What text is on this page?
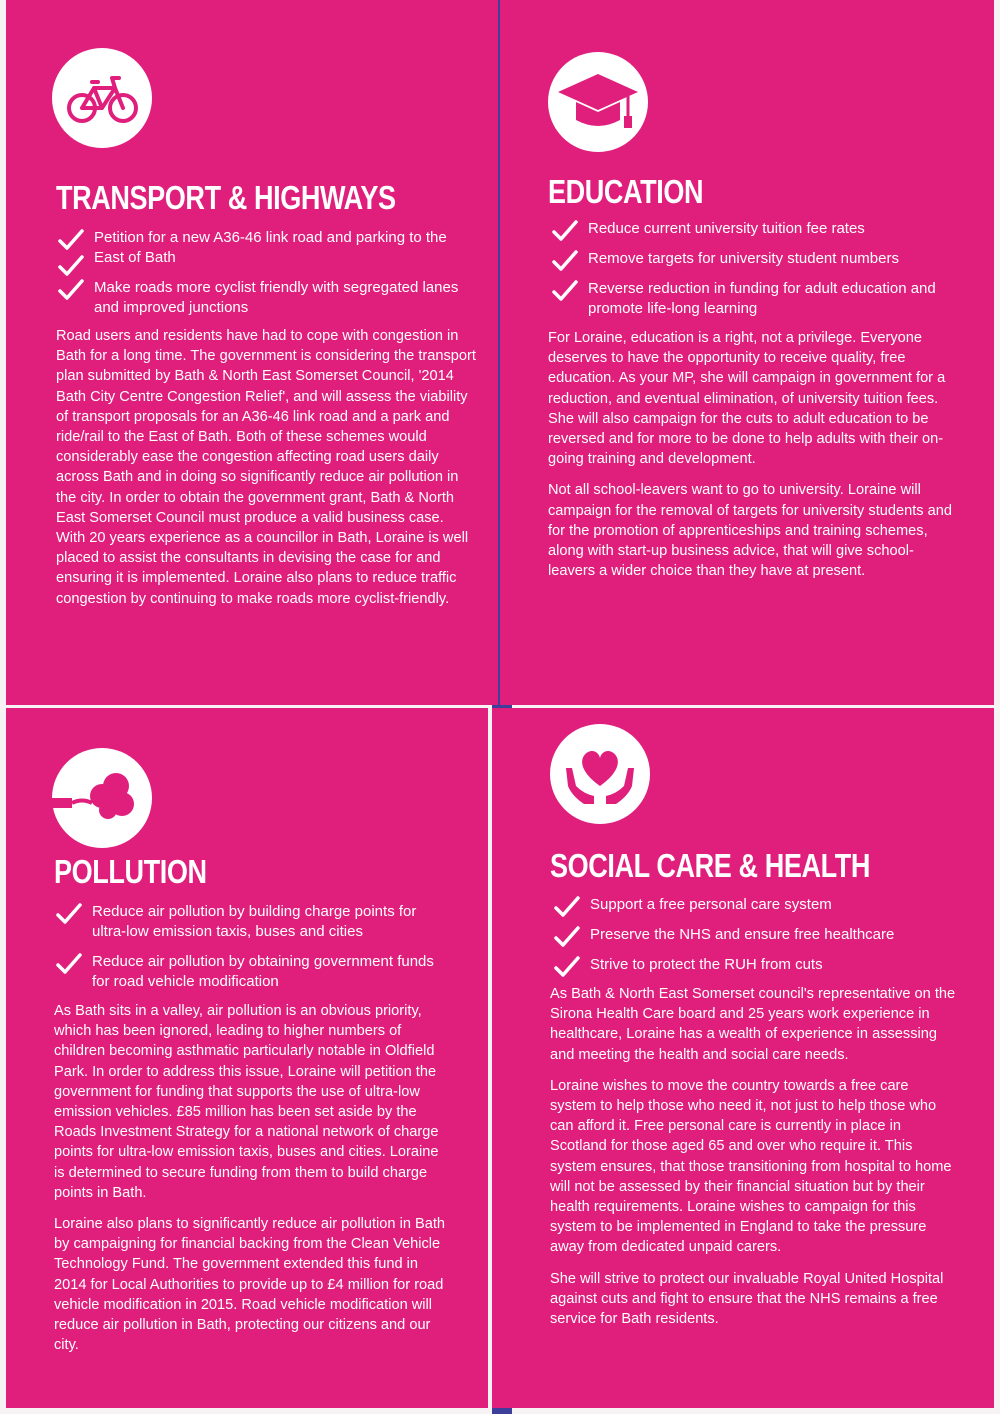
TRANSPORT & HIGHWAYS
Petition for a new A36-46 link road and parking to the East of Bath
Make roads more cyclist friendly with segregated lanes and improved junctions

Road users and residents have had to cope with congestion in Bath for a long time. The government is considering the transport plan submitted by Bath & North East Somerset Council, '2014 Bath City Centre Congestion Relief', and will assess the viability of transport proposals for an A36-46 link road and a park and ride/rail to the East of Bath. Both of these schemes would considerably ease the congestion affecting road users daily across Bath and in doing so significantly reduce air pollution in the city. In order to obtain the government grant, Bath & North East Somerset Council must produce a valid business case. With 20 years experience as a councillor in Bath, Loraine is well placed to assist the consultants in devising the case for and ensuring it is implemented. Loraine also plans to reduce traffic congestion by continuing to make roads more cyclist-friendly.

EDUCATION
Reduce current university tuition fee rates
Remove targets for university student numbers
Reverse reduction in funding for adult education and promote life-long learning

For Loraine, education is a right, not a privilege. Everyone deserves to have the opportunity to receive quality, free education. As your MP, she will campaign in government for a reduction, and eventual elimination, of university tuition fees. She will also campaign for the cuts to adult education to be reversed and for more to be done to help adults with their on-going training and development.

Not all school-leavers want to go to university. Loraine will campaign for the removal of targets for university students and for the promotion of apprenticeships and training schemes, along with start-up business advice, that will give school-leavers a wider choice than they have at present.

POLLUTION
Reduce air pollution by building charge points for ultra-low emission taxis, buses and cities
Reduce air pollution by obtaining government funds for road vehicle modification

As Bath sits in a valley, air pollution is an obvious priority, which has been ignored, leading to higher numbers of children becoming asthmatic particularly notable in Oldfield Park. In order to address this issue, Loraine will petition the government for funding that supports the use of ultra-low emission vehicles. £85 million has been set aside by the Roads Investment Strategy for a national network of charge points for ultra-low emission taxis, buses and cities. Loraine is determined to secure funding from them to build charge points in Bath.

Loraine also plans to significantly reduce air pollution in Bath by campaigning for financial backing from the Clean Vehicle Technology Fund. The government extended this fund in 2014 for Local Authorities to provide up to £4 million for road vehicle modification in 2015. Road vehicle modification will reduce air pollution in Bath, protecting our citizens and our city.

SOCIAL CARE & HEALTH
Support a free personal care system
Preserve the NHS and ensure free healthcare
Strive to protect the RUH from cuts

As Bath & North East Somerset council's representative on the Sirona Health Care board and 25 years work experience in healthcare, Loraine has a wealth of experience in assessing and meeting the health and social care needs.

Loraine wishes to move the country towards a free care system to help those who need it, not just to help those who can afford it. Free personal care is currently in place in Scotland for those aged 65 and over who require it. This system ensures, that those transitioning from hospital to home will not be assessed by their financial situation but by their health requirements. Loraine wishes to campaign for this system to be implemented in England to take the pressure away from dedicated unpaid carers.

She will strive to protect our invaluable Royal United Hospital against cuts and fight to ensure that the NHS remains a free service for Bath residents.
